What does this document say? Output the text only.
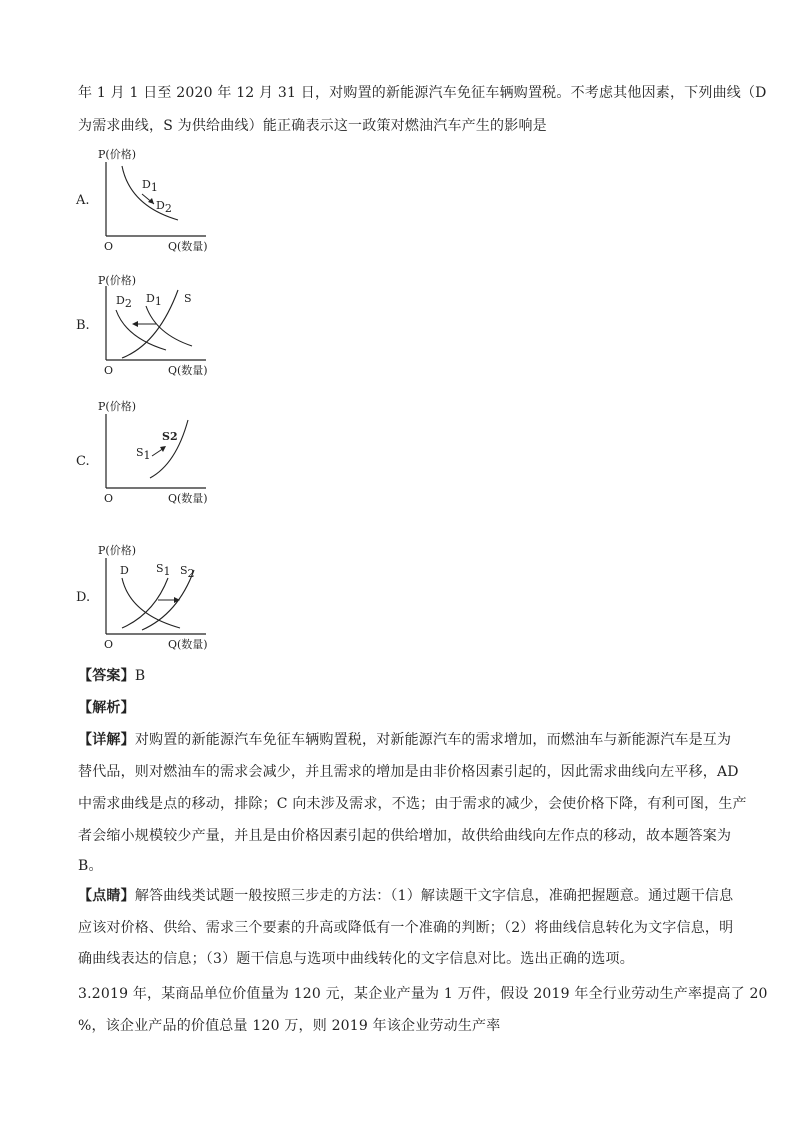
年 1 月 1 日至 2020 年 12 月 31 日，对购置的新能源汽车免征车辆购置税。不考虑其他因素，下列曲线（D
为需求曲线，S 为供给曲线）能正确表示这一政策对燃油汽车产生的影响是
A.
P(价格)
O	Q(数量)
D1
D2
B.
P(价格)
O	Q(数量)
D2 D1 S
C.
P(价格)
O	Q(数量)
S1
S2
D.
P(价格)
O	Q(数量)
D S1 S2
【答案】B
【解析】
【详解】对购置的新能源汽车免征车辆购置税，对新能源汽车的需求增加，而燃油车与新能源汽车是互为
替代品，则对燃油车的需求会减少，并且需求的增加是由非价格因素引起的，因此需求曲线向左平移，AD
中需求曲线是点的移动，排除；C 向未涉及需求，不选；由于需求的减少，会使价格下降，有利可图，生产
者会缩小规模较少产量，并且是由价格因素引起的供给增加，故供给曲线向左作点的移动，故本题答案为
B。
【点睛】解答曲线类试题一般按照三步走的方法：（1）解读题干文字信息，准确把握题意。通过题干信息
应该对价格、供给、需求三个要素的升高或降低有一个准确的判断；（2）将曲线信息转化为文字信息，明
确曲线表达的信息；（3）题干信息与选项中曲线转化的文字信息对比。选出正确的选项。
3.2019 年，某商品单位价值量为 120 元，某企业产量为 1 万件，假设 2019 年全行业劳动生产率提高了 20
%，该企业产品的价值总量 120 万，则 2019 年该企业劳动生产率
